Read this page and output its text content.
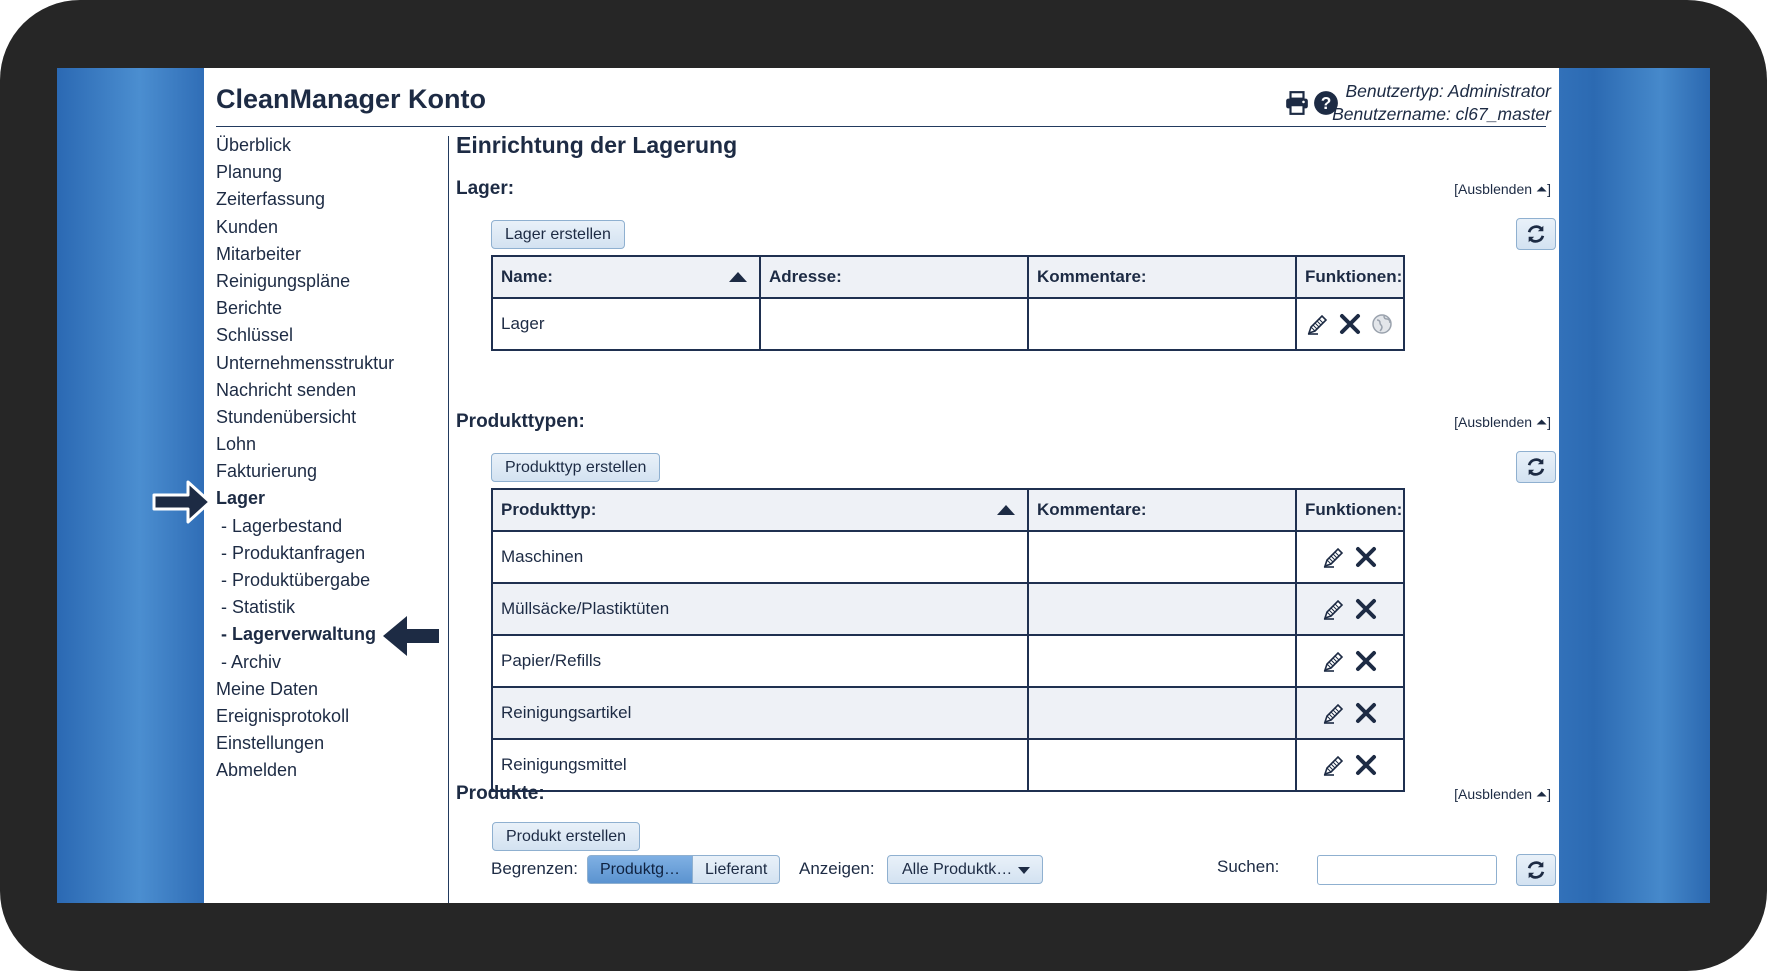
CleanManager Konto	?
Benutzertyp: Administrator
Benutzername: cl67_master
Überblick
Planung
Zeiterfassung
Kunden
Mitarbeiter
Reinigungspläne
Berichte
Schlüssel
Unternehmensstruktur
Nachricht senden
Stundenübersicht
Lohn
Fakturierung
Lager
- Lagerbestand
- Produktanfragen
- Produktübergabe
- Statistik
- Lagerverwaltung
- Archiv
Meine Daten
Ereignisprotokoll
Einstellungen
Abmelden
Einrichtung der Lagerung
Lager:	[Ausblenden ⏶]
Lager erstellen
Name:	Adresse:	Kommentare:	Funktionen:
Lager			
Produkttypen:	[Ausblenden ⏶]
Produkttyp erstellen
Produkttyp:	Kommentare:	Funktionen:
Maschinen		

Müllsäcke/Plastiktüten		

Papier/Refills		

Reinigungsartikel		

Reinigungsmittel		
Produkte:	[Ausblenden ⏶]
Produkt erstellen
Begrenzen:	Produktg…	Lieferant	Anzeigen:	Alle Produktk…	Suchen:
